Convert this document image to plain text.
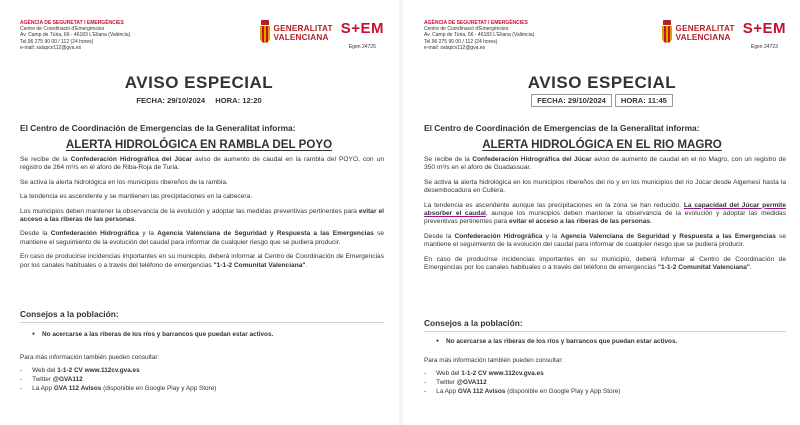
AGÈNCIA DE SEGURETAT I EMERGÈNCIES
Centre de Coordinació d'Emergències
Av. Camp de Túria, 66 - 46183 L'Eliana (València)
Tel.96 275 90 00 / 112 (24 hores)
e-mail: salapcv112@gva.es
GENERALITAT
VALENCIANA
S+EM
Egen 24725
AVISO ESPECIAL
FECHA: 29/10/2024 HORA: 12:20
El Centro de Coordinación de Emergencias de la Generalitat informa:
ALERTA HIDROLÓGICA EN RAMBLA DEL POYO

Se recibe de la Confederación Hidrográfica del Júcar aviso de aumento de caudal en la rambla del POYO, con un registro de 264 m³/s en el aforo de Riba-Roja de Turia.

Se activa la alerta hidrológica en los municipios ribereños de la rambla.

La tendencia es ascendente y se mantienen las precipitaciones en la cabecera.

Los municipios deben mantener la observancia de la evolución y adoptar las medidas preventivas pertinentes para evitar el acceso a las riberas de las personas.

Desde la Confederación Hidrográfica y la Agencia Valenciana de Seguridad y Respuesta a las Emergencias se mantiene el seguimiento de la evolución del caudal para informar de cualquier riesgo que se pudiera producir.

En caso de producirse incidencias importantes en su municipio, deberá informar al Centro de Coordinación de Emergencias por los canales habituales o a través del teléfono de emergencias "1-1-2 Comunitat Valenciana".

Consejos a la población:
● No acercarse a las riberas de los ríos y barrancos que puedan estar activos.
Para más información también pueden consultar:
- Web del 1-1-2 CV www.112cv.gva.es
- Twitter @GVA112
- La App GVA 112 Avisos (disponible en Google Play y App Store)
AGÈNCIA DE SEGURETAT I EMERGÈNCIES
Centre de Coordinació d'Emergències
Av. Camp de Túria, 66 - 46183 L'Eliana (València)
Tel.96 275 90 00 / 112 (24 hores)
e-mail: salapcv112@gva.es
GENERALITAT
VALENCIANA
S+EM
Egen 24723
AVISO ESPECIAL
FECHA: 29/10/2024	HORA: 11:45
El Centro de Coordinación de Emergencias de la Generalitat informa:
ALERTA HIDROLÓGICA EN EL RIO MAGRO

Se recibe de la Confederación Hidrográfica del Júcar aviso de aumento de caudal en el rio Magro, con un registro de 350 m³/s en el aforo de Guadassuar.

Se activa la alerta hidrológica en los municipios ribereños del rio y en los municipios del rio Júcar desde Algemesí hasta la desembocadura en Cullera.

La tendencia es ascendente aunque las precipitaciones en la zona se han reducido. La capacidad del Júcar permite absorber el caudal, aunque los municipios deben mantener la observancia de la evolución y adoptar las medidas preventivas pertinentes para evitar el acceso a las riberas de las personas.

Desde la Confederación Hidrográfica y la Agencia Valenciana de Seguridad y Respuesta a las Emergencias se mantiene el seguimiento de la evolución del caudal para informar de cualquier riesgo que se pudiera producir.

En caso de producirse incidencias importantes en su municipio, deberá informar al Centro de Coordinación de Emergencias por los canales habituales o a través del teléfono de emergencias "1-1-2 Comunitat Valenciana".

Consejos a la población:
● No acercarse a las riberas de los ríos y barrancos que puedan estar activos.
Para más información también pueden consultar:
- Web del 1-1-2 CV www.112cv.gva.es
- Twitter @GVA112
- La App GVA 112 Avisos (disponible en Google Play y App Store)
